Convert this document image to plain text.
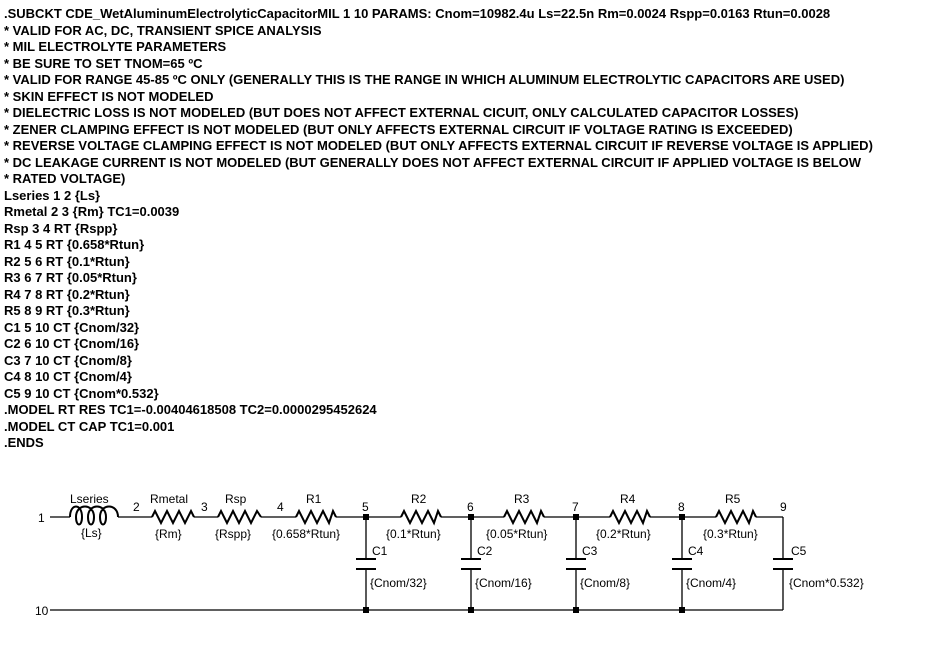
.SUBCKT CDE_WetAluminumElectrolyticCapacitorMIL 1 10 PARAMS: Cnom=10982.4u Ls=22.5n Rm=0.0024 Rspp=0.0163 Rtun=0.0028
* VALID FOR AC, DC, TRANSIENT SPICE ANALYSIS
* MIL ELECTROLYTE PARAMETERS
* BE SURE TO SET TNOM=65 ºC
* VALID FOR RANGE 45-85 ºC ONLY (GENERALLY THIS IS THE RANGE IN WHICH ALUMINUM ELECTROLYTIC CAPACITORS ARE USED)
* SKIN EFFECT IS NOT MODELED
* DIELECTRIC LOSS IS NOT MODELED (BUT DOES NOT AFFECT EXTERNAL CICUIT, ONLY CALCULATED CAPACITOR LOSSES)
* ZENER CLAMPING EFFECT IS NOT MODELED (BUT ONLY AFFECTS EXTERNAL CIRCUIT IF VOLTAGE RATING IS EXCEEDED)
* REVERSE VOLTAGE CLAMPING EFFECT IS NOT MODELED (BUT ONLY AFFECTS EXTERNAL CIRCUIT IF REVERSE VOLTAGE IS APPLIED)
* DC LEAKAGE CURRENT IS NOT MODELED (BUT GENERALLY DOES NOT AFFECT EXTERNAL CIRCUIT IF APPLIED VOLTAGE IS BELOW
* RATED VOLTAGE)
Lseries 1 2 {Ls}
Rmetal 2 3 {Rm} TC1=0.0039
Rsp 3 4 RT {Rspp}
R1 4 5 RT {0.658*Rtun}
R2 5 6 RT {0.1*Rtun}
R3 6 7 RT {0.05*Rtun}
R4 7 8 RT {0.2*Rtun}
R5 8 9 RT {0.3*Rtun}
C1 5 10 CT {Cnom/32}
C2 6 10 CT {Cnom/16}
C3 7 10 CT {Cnom/8}
C4 8 10 CT {Cnom/4}
C5 9 10 CT {Cnom*0.532}
.MODEL RT RES TC1=-0.00404618508 TC2=0.0000295452624
.MODEL CT CAP TC1=0.001
.ENDS
1
2	3	4	5	6	7	8	9
10
Lseries
{Ls}
Rmetal
{Rm}
Rsp
{Rspp}
R1
{0.658*Rtun}
R2
{0.1*Rtun}
R3
{0.05*Rtun}
R4
{0.2*Rtun}
R5
{0.3*Rtun}
C1
{Cnom/32}
C2
{Cnom/16}
C3
{Cnom/8}
C4
{Cnom/4}
C5
{Cnom*0.532}
